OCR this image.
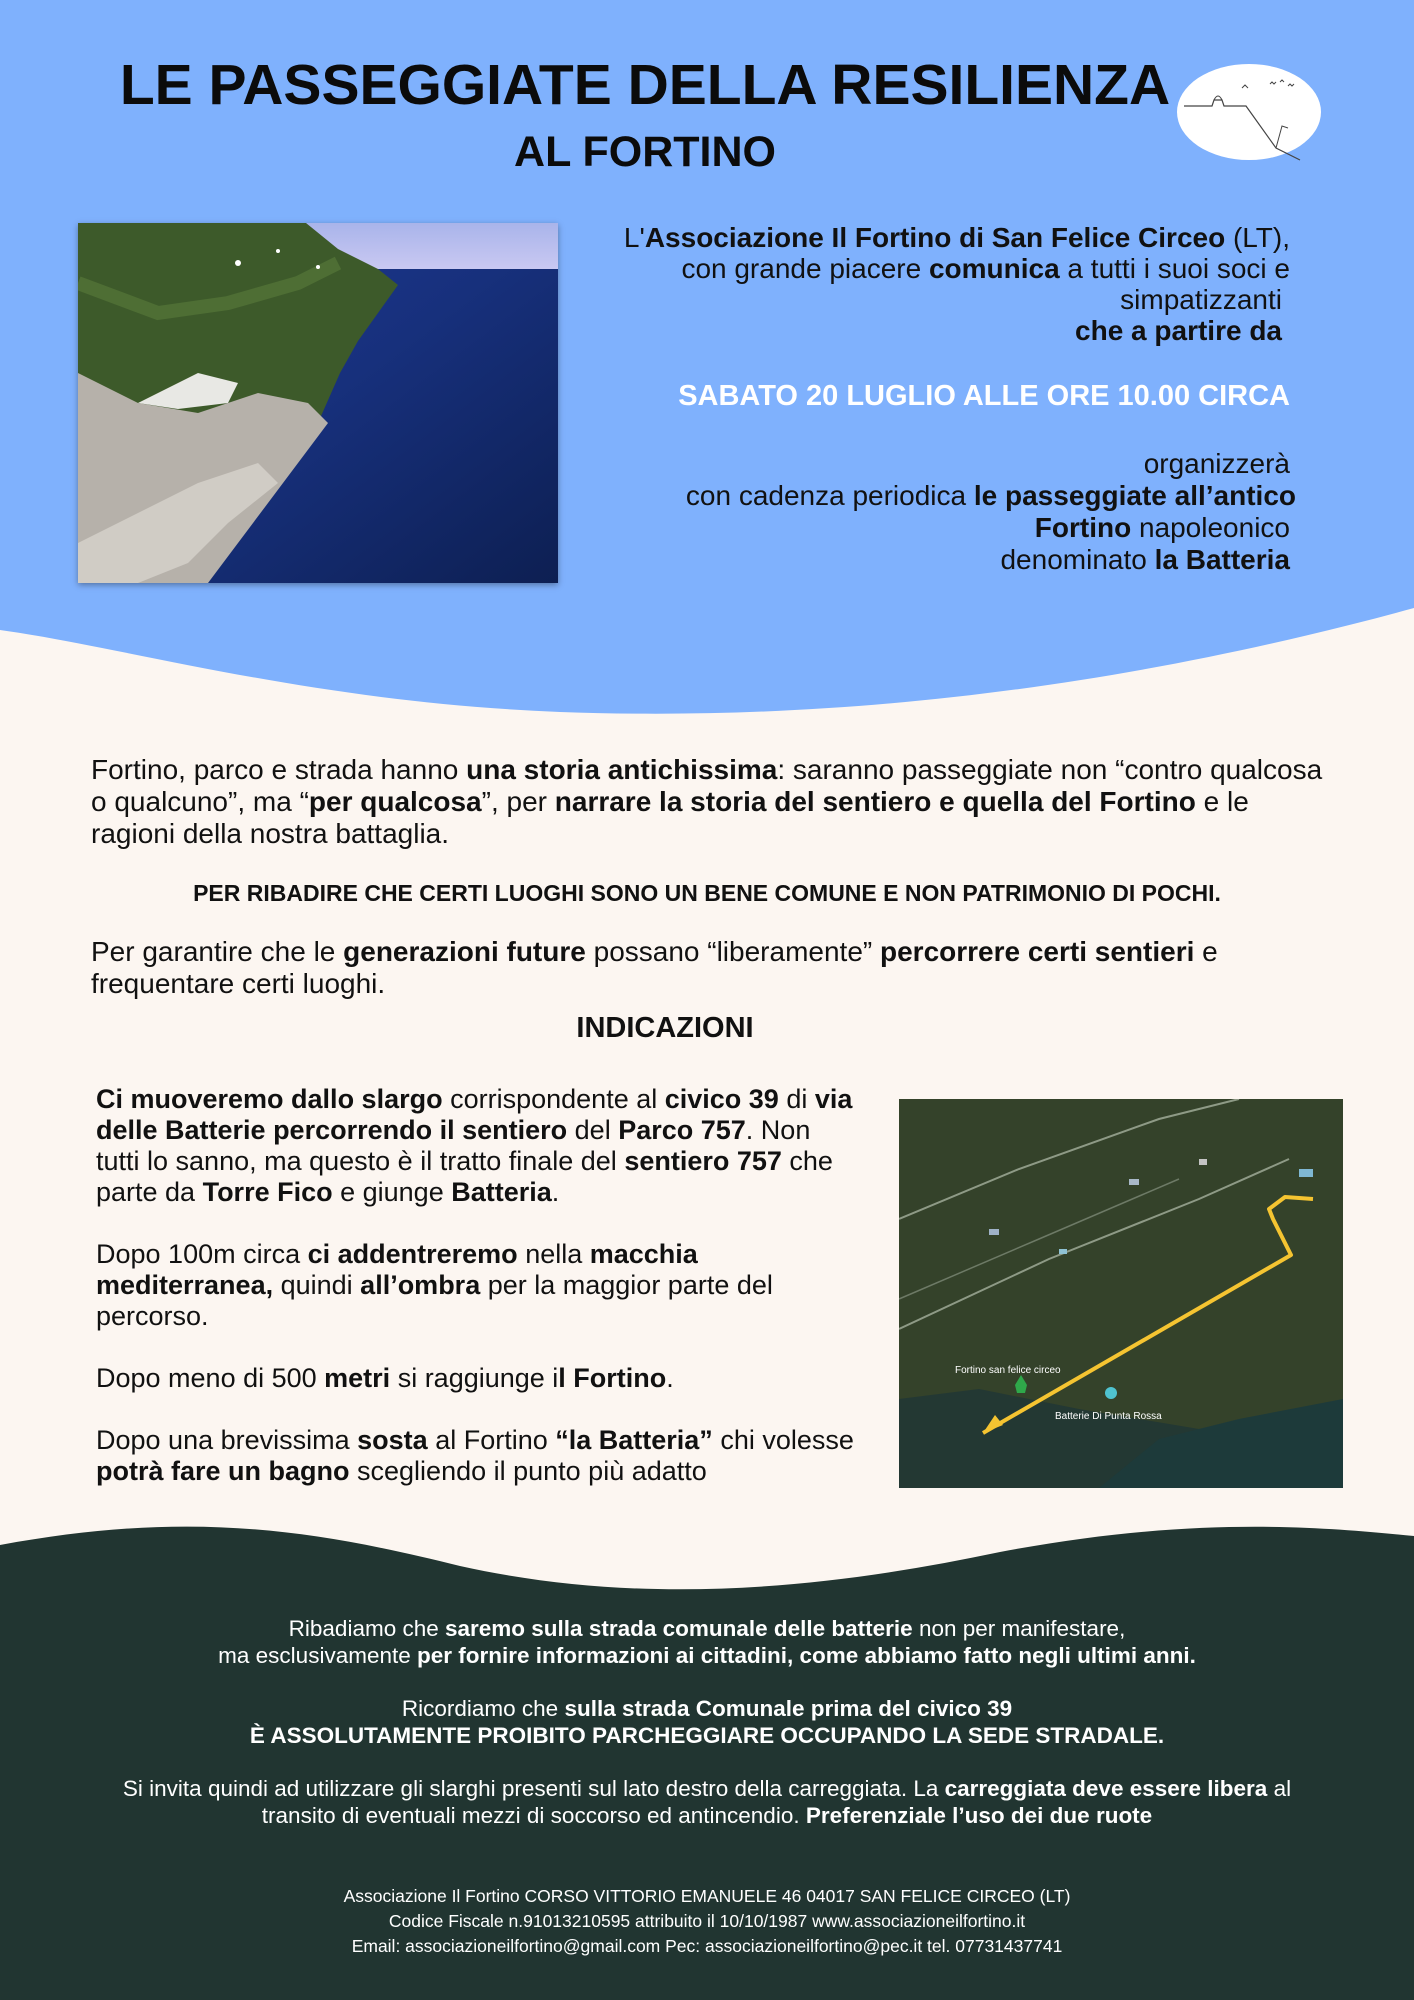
LE PASSEGGIATE DELLA RESILIENZA
AL FORTINO

L'Associazione Il Fortino di San Felice Circeo (LT),

con grande piacere comunica a tutti i suoi soci e

simpatizzanti

che a partire da

SABATO 20 LUGLIO ALLE ORE 10.00 CIRCA

organizzerà

con cadenza periodica le passeggiate all’antico

Fortino napoleonico

denominato la Batteria

Fortino, parco e strada hanno una storia antichissima: saranno passeggiate non “contro qualcosa o qualcuno”, ma “per qualcosa”, per narrare la storia del sentiero e quella del Fortino e le ragioni della nostra battaglia.

PER RIBADIRE CHE CERTI LUOGHI SONO UN BENE COMUNE E NON PATRIMONIO DI POCHI.

Per garantire che le generazioni future possano “liberamente” percorrere certi sentieri e frequentare certi luoghi.

INDICAZIONI

Ci muoveremo dallo slargo corrispondente al civico 39 di via delle Batterie percorrendo il sentiero del Parco 757. Non tutti lo sanno, ma questo è il tratto finale del sentiero 757 che parte da Torre Fico e giunge Batteria.

Dopo 100m circa ci addentreremo nella macchia mediterranea, quindi all’ombra per la maggior parte del percorso.

Dopo meno di 500 metri si raggiunge il Fortino.

Dopo una brevissima sosta al Fortino “la Batteria” chi volesse potrà fare un bagno scegliendo il punto più adatto

Fortino san felice circeo
Batterie Di Punta Rossa

Ribadiamo che saremo sulla strada comunale delle batterie non per manifestare,

ma esclusivamente per fornire informazioni ai cittadini, come abbiamo fatto negli ultimi anni.

Ricordiamo che sulla strada Comunale prima del civico 39

È ASSOLUTAMENTE PROIBITO PARCHEGGIARE OCCUPANDO LA SEDE STRADALE.

Si invita quindi ad utilizzare gli slarghi presenti sul lato destro della carreggiata. La carreggiata deve essere libera al transito di eventuali mezzi di soccorso ed antincendio. Preferenziale l’uso dei due ruote

Associazione Il Fortino CORSO VITTORIO EMANUELE 46 04017 SAN FELICE CIRCEO (LT)

Codice Fiscale n.91013210595 attribuito il 10/10/1987 www.associazioneilfortino.it

Email: associazioneilfortino@gmail.com Pec: associazioneilfortino@pec.it tel. 07731437741
